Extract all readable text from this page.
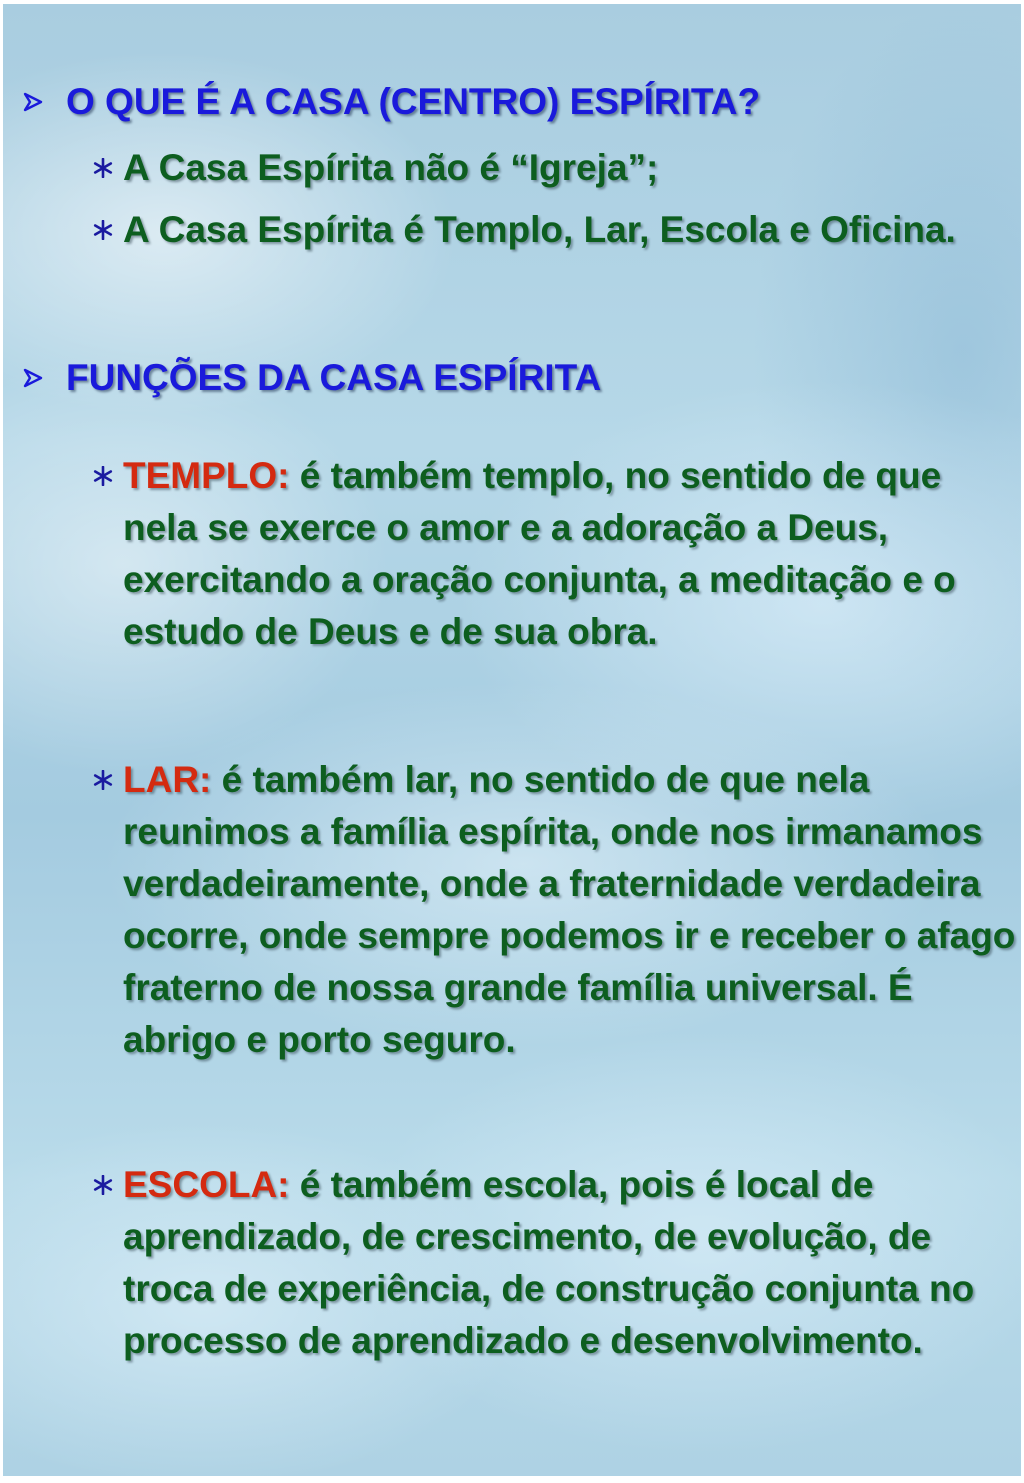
O QUE É A CASA (CENTRO) ESPÍRITA?
A Casa Espírita não é “Igreja”;
A Casa Espírita é Templo, Lar, Escola e Oficina.
FUNÇÕES DA CASA ESPÍRITA
TEMPLO: é também templo, no sentido de que nela se exerce o amor e a adoração a Deus, exercitando a oração conjunta, a meditação e o estudo de Deus e de sua obra.
LAR: é também lar, no sentido de que nela reunimos a família espírita, onde nos irmanamos verdadeiramente, onde a fraternidade verdadeira ocorre, onde sempre podemos ir e receber o afago fraterno de nossa grande família universal. É abrigo e porto seguro.
ESCOLA: é também escola, pois é local de aprendizado, de crescimento, de evolução, de troca de experiência, de construção conjunta no processo de aprendizado e desenvolvimento.
